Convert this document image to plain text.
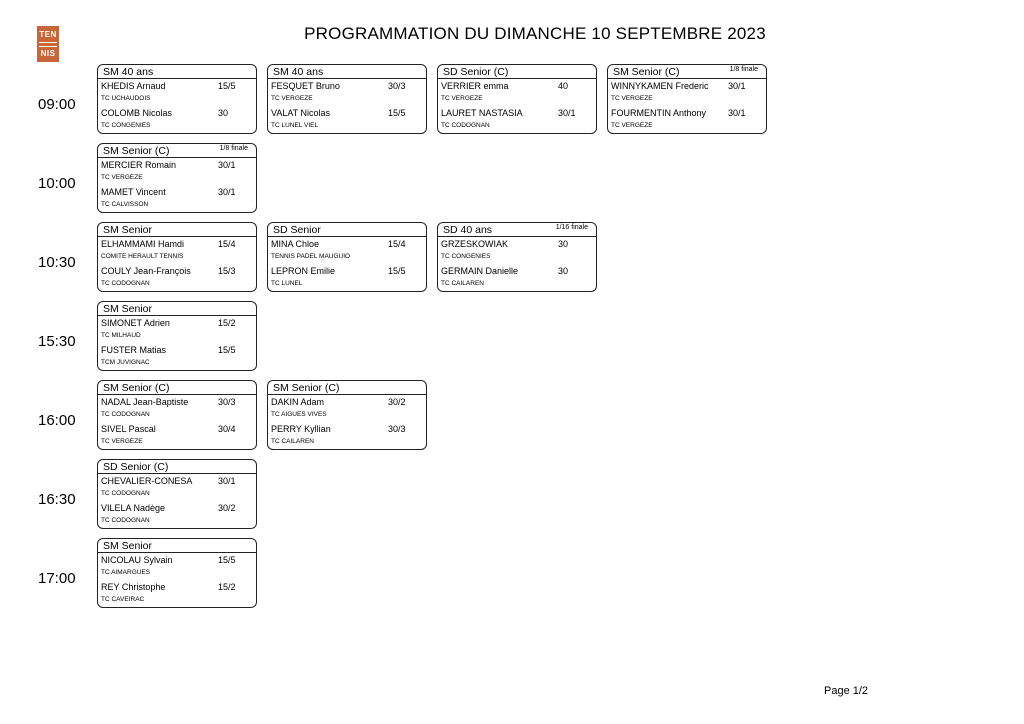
TEN
NIS
PROGRAMMATION DU DIMANCHE 10 SEPTEMBRE 2023
09:00
SM 40 ans
KHEDIS Arnaud	15/5
TC UCHAUDOIS
COLOMB Nicolas	30
TC CONGENIES
SM 40 ans
FESQUET Bruno	30/3
TC VERGEZE
VALAT Nicolas	15/5
TC LUNEL VIEL
SD Senior (C)
VERRIER emma	40
TC VERGEZE
LAURET NASTASIA	30/1
TC CODOGNAN
SM Senior (C)	1/8 finale
WINNYKAMEN Frederic 30/1
TC VERGEZE
FOURMENTIN Anthony 30/1
TC VERGEZE
10:00
SM Senior (C)	1/8 finale
MERCIER Romain	30/1
TC VERGEZE
MAMET Vincent	30/1
TC CALVISSON
10:30
SM Senior
ELHAMMAMI Hamdi	15/4
COMITE HERAULT TENNIS
COULY Jean-François	15/3
TC CODOGNAN
SD Senior
MINA Chloe	15/4
TENNIS PADEL MAUGUIO
LEPRON Emilie	15/5
TC LUNEL
SD 40 ans	1/16 finale
GRZESKOWIAK	30
TC CONGENIES
GERMAIN Danielle	30
TC CAILAREN
15:30
SM Senior
SIMONET Adrien	15/2
TC MILHAUD
FUSTER Matias	15/5
TCM JUVIGNAC
16:00
SM Senior (C)
NADAL Jean-Baptiste	30/3
TC CODOGNAN
SIVEL Pascal	30/4
TC VERGEZE
SM Senior (C)
DAKIN Adam	30/2
TC AIGUES VIVES
PERRY Kyllian	30/3
TC CAILAREN
16:30
SD Senior (C)
CHEVALIER-CONESA	30/1
TC CODOGNAN
VILELA Nadège	30/2
TC CODOGNAN
17:00
SM Senior
NICOLAU Sylvain	15/5
TC AIMARGUES
REY Christophe	15/2
TC CAVEIRAC
Page 1/2
